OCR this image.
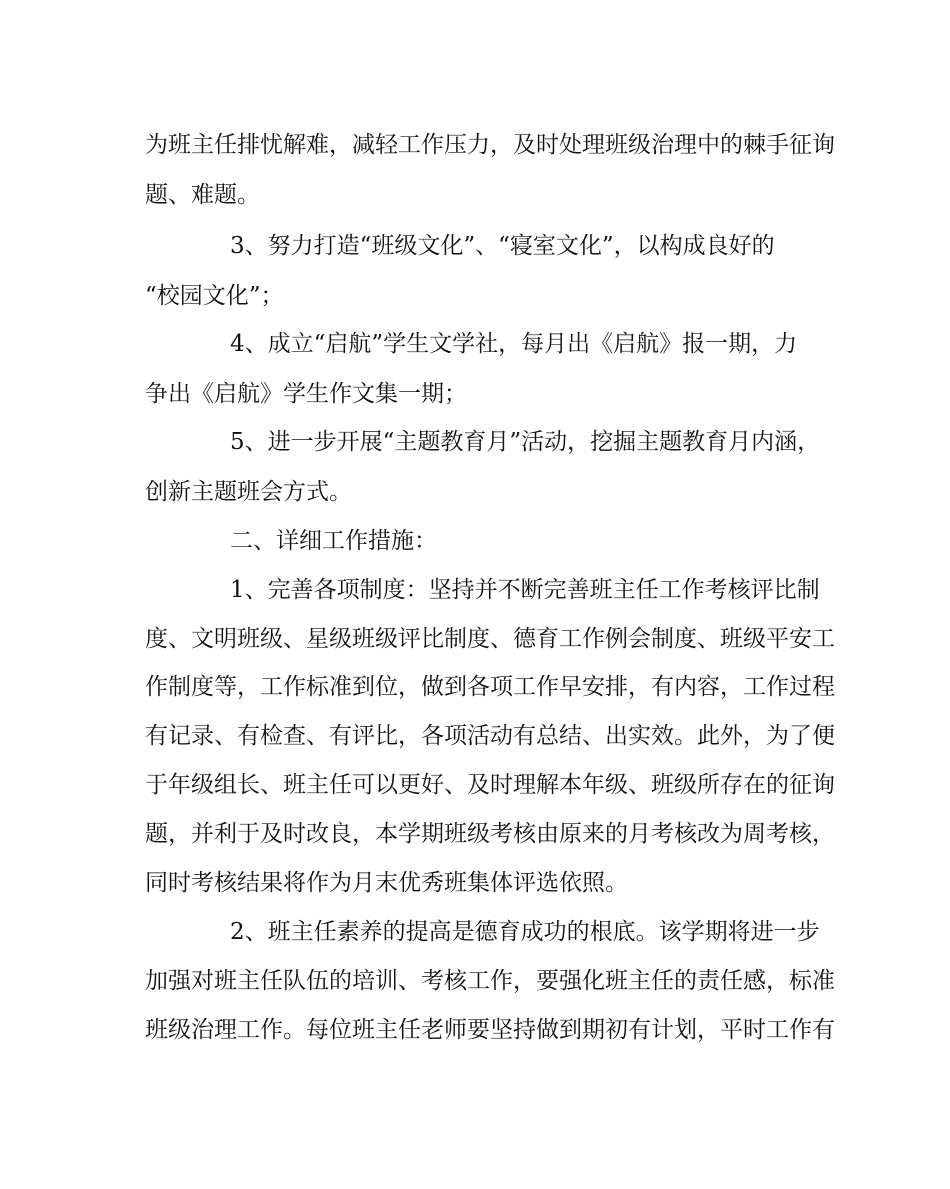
为班主任排忧解难，减轻工作压力，及时处理班级治理中的棘手征询
题、难题。
3、努力打造“班级文化”、“寝室文化”，以构成良好的
“校园文化”；
4、成立“启航”学生文学社，每月出《启航》报一期，力
争出《启航》学生作文集一期；
5、进一步开展“主题教育月”活动，挖掘主题教育月内涵，
创新主题班会方式。
二、详细工作措施：
1、完善各项制度：坚持并不断完善班主任工作考核评比制
度、文明班级、星级班级评比制度、德育工作例会制度、班级平安工
作制度等，工作标准到位，做到各项工作早安排，有内容，工作过程
有记录、有检查、有评比，各项活动有总结、出实效。此外，为了便
于年级组长、班主任可以更好、及时理解本年级、班级所存在的征询
题，并利于及时改良，本学期班级考核由原来的月考核改为周考核，
同时考核结果将作为月末优秀班集体评选依照。
2、班主任素养的提高是德育成功的根底。该学期将进一步
加强对班主任队伍的培训、考核工作，要强化班主任的责任感，标准
班级治理工作。每位班主任老师要坚持做到期初有计划，平时工作有
